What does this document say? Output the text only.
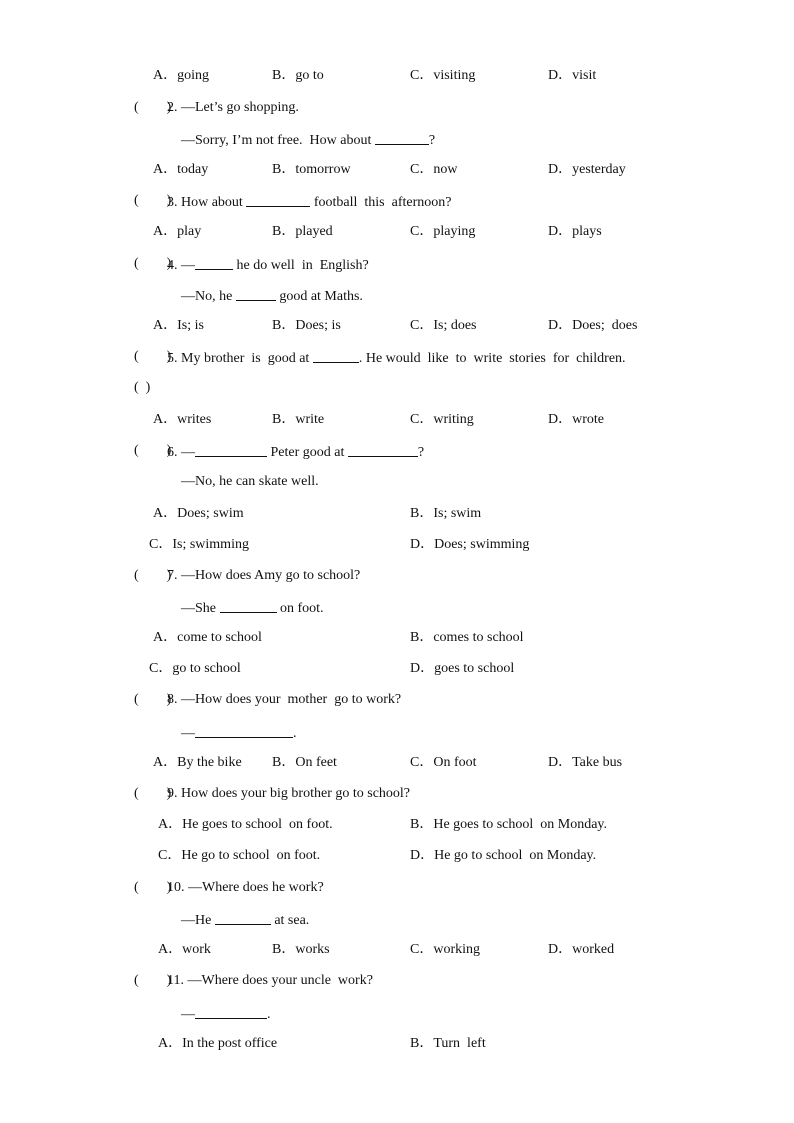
A．going	B．go to	C．visiting	D．visit
(　　)
2. —Let’s go shopping.
—Sorry, I’m not free.  How about	?
A．today	B．tomorrow	C．now	D．yesterday
(　　)
3. How about	football  this  afternoon?
A．play	B．played	C．playing	D．plays
(　　)
4. —	he do well  in  English?
—No, he	good at Maths.
A．Is; is	B．Does; is	C．Is; does	D．Does;  does
(　　)
5. My brother  is  good at	. He would  like  to  write  stories  for  children.
(  )
A．writes	B．write	C．writing	D．wrote
(　　)
6. —	Peter good at	?
—No, he can skate well.
A．Does; swim	B．Is; swim
C．Is; swimming	D．Does; swimming
(　　)
7. —How does Amy go to school?
—She	on foot.
A．come to school	B．comes to school
C．go to school	D．goes to school
(　　)
8. —How does your  mother  go to work?
—	.
A．By the bike B．On feet	C．On foot	D．Take bus
(　　)
9. How does your big brother go to school?
A．He goes to school  on foot.	B．He goes to school  on Monday.
C．He go to school  on foot.	D．He go to school  on Monday.
(　　)
10. —Where does he work?
—He	at sea.
A．work	B．works	C．working	D．worked
(　　)
11. —Where does your uncle  work?
—	.
A．In the post office	B．Turn  left
